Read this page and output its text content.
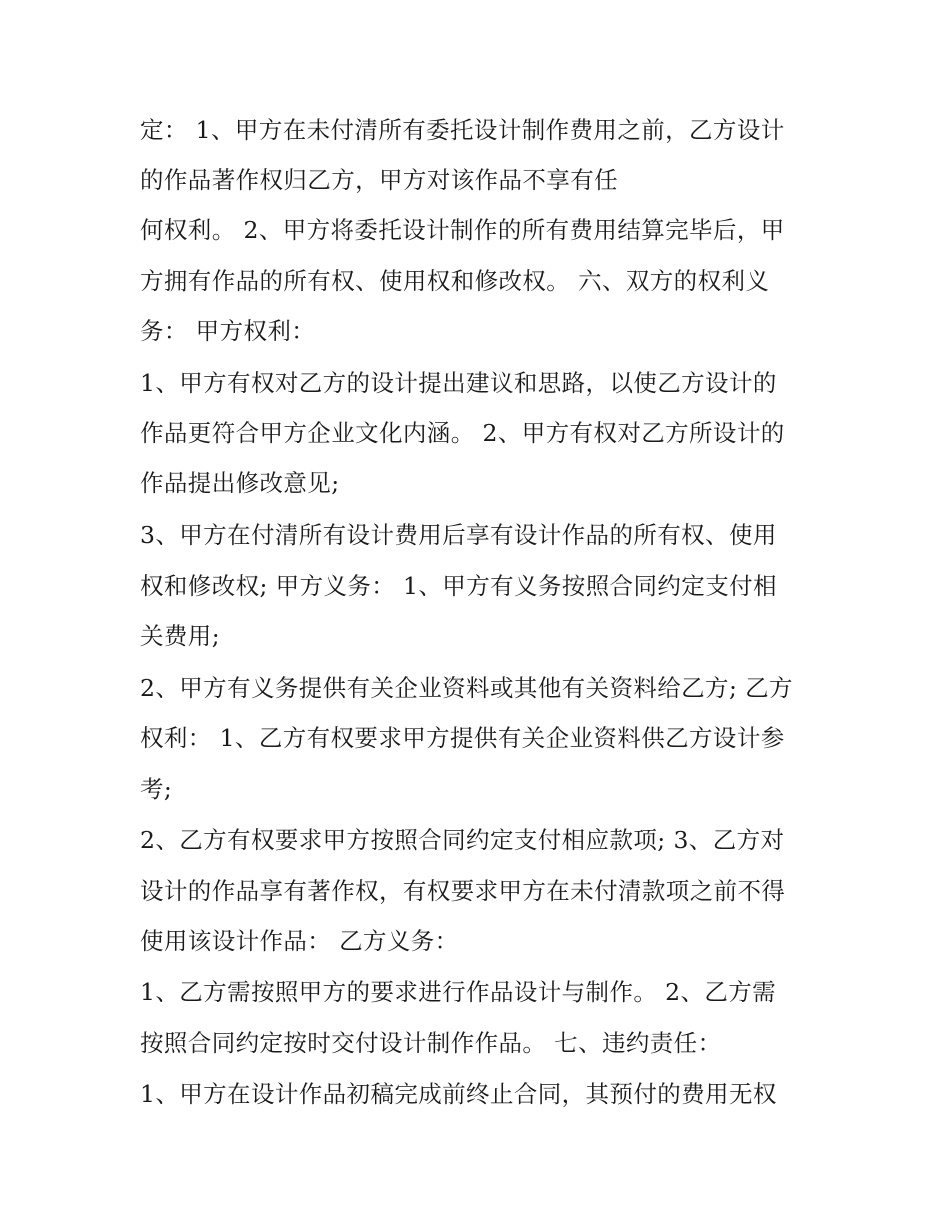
定： 1、甲方在未付清所有委托设计制作费用之前，乙方设计
的作品著作权归乙方，甲方对该作品不享有任
何权利。 2、甲方将委托设计制作的所有费用结算完毕后，甲
方拥有作品的所有权、使用权和修改权。 六、双方的权利义
务： 甲方权利：
1、甲方有权对乙方的设计提出建议和思路，以使乙方设计的
作品更符合甲方企业文化内涵。 2、甲方有权对乙方所设计的
作品提出修改意见;
3、甲方在付清所有设计费用后享有设计作品的所有权、使用
权和修改权; 甲方义务： 1、甲方有义务按照合同约定支付相
关费用;
2、甲方有义务提供有关企业资料或其他有关资料给乙方; 乙方
权利： 1、乙方有权要求甲方提供有关企业资料供乙方设计参
考;
2、乙方有权要求甲方按照合同约定支付相应款项; 3、乙方对
设计的作品享有著作权，有权要求甲方在未付清款项之前不得
使用该设计作品： 乙方义务：
1、乙方需按照甲方的要求进行作品设计与制作。 2、乙方需
按照合同约定按时交付设计制作作品。 七、违约责任：
1、甲方在设计作品初稿完成前终止合同，其预付的费用无权
